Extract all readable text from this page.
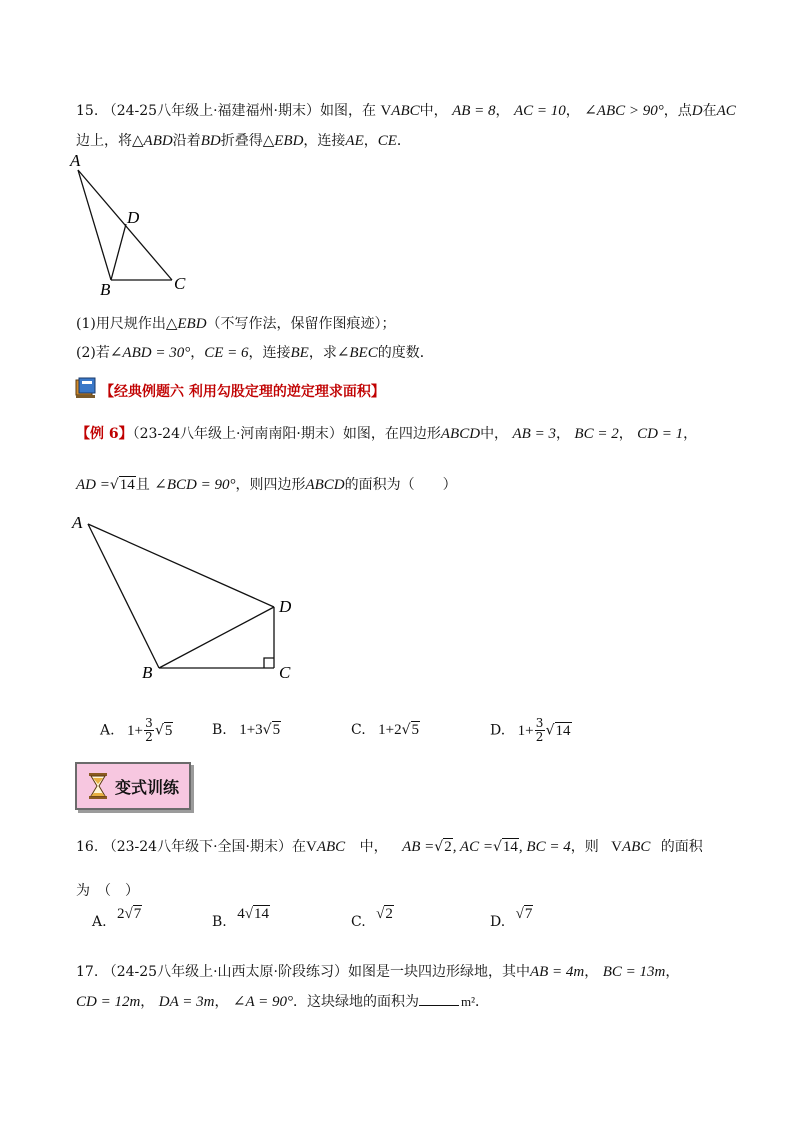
15. （24-25八年级上·福建福州·期末）如图，在 VABC中， AB = 8， AC = 10， ∠ABC > 90°，点D在AC
边上，将△ABD沿着BD折叠得△EBD，连接AE，CE．
A
D
B	C
(1)用尺规作出△EBD（不写作法，保留作图痕迹）；
(2)若∠ABD = 30°，CE = 6，连接BE，求∠BEC的度数．
【经典例题六 利用勾股定理的逆定理求面积】
【例 6】（23-24八年级上·河南南阳·期末）如图，在四边形ABCD中， AB = 3， BC = 2， CD = 1，
AD =√14且 ∠BCD = 90°，则四边形ABCD的面积为（　　）
A
D
B	C
A. $1+ \frac{3}{2} √5$	B. 1+3√5	C. 1+2√5	D. $1+ \frac{3}{2} √14$
变式训练
16. （23-24八年级下·全国·期末）在VABC 中， AB =√2, AC =√14, BC = 4，则 VABC 的面积
为　（　）
A. 2√7	B. 4√14	C. √2	D. √7
17. （24-25八年级上·山西太原·阶段练习）如图是一块四边形绿地，其中AB = 4m， BC = 13m，
CD = 12m， DA = 3m， ∠A = 90°．这块绿地的面积为	m²．
